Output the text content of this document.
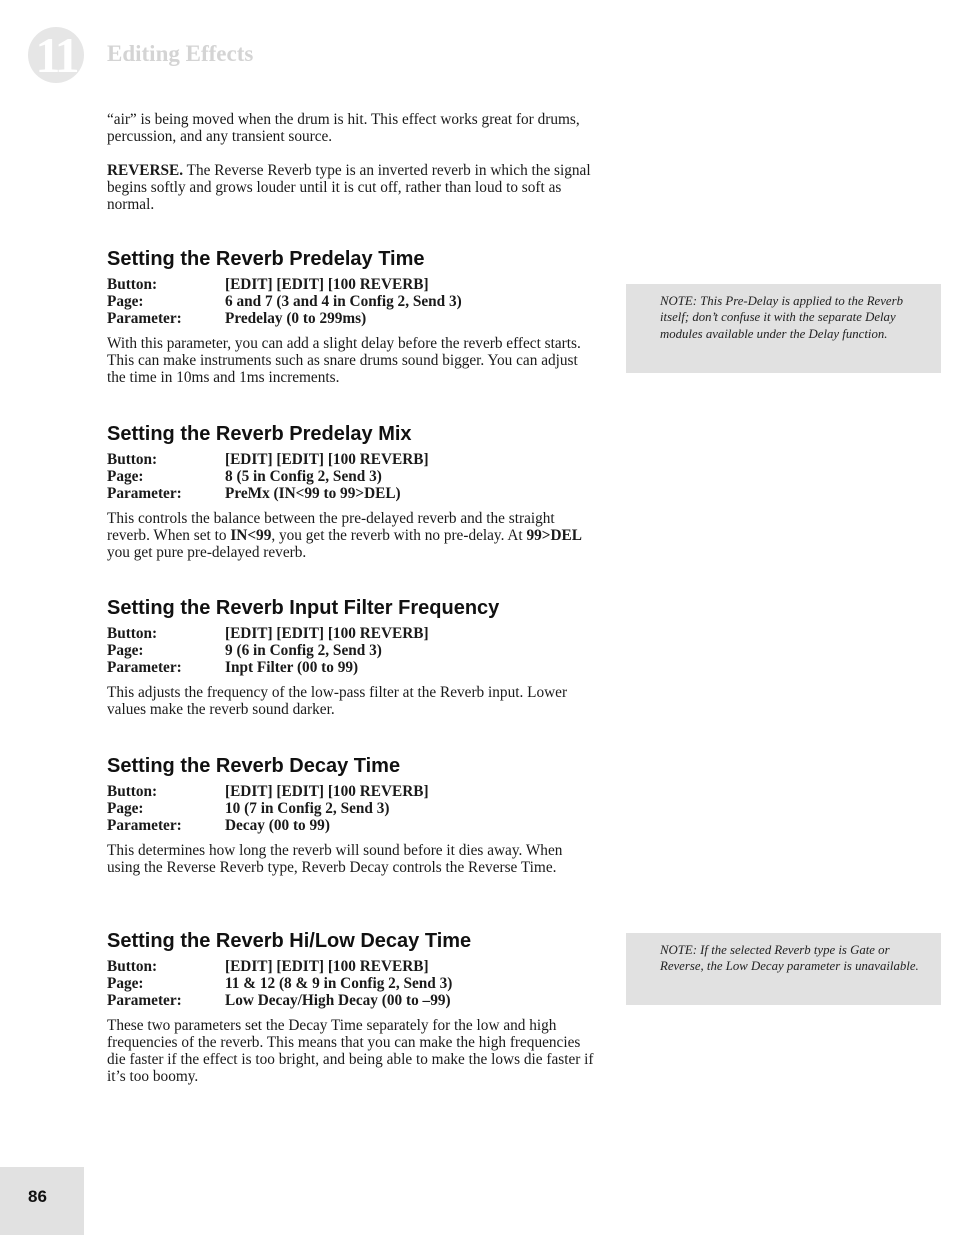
11 Editing Effects

“air” is being moved when the drum is hit. This effect works great for drums, percussion, and any transient source.

REVERSE. The Reverse Reverb type is an inverted reverb in which the signal begins softly and grows louder until it is cut off, rather than loud to soft as normal.

Setting the Reverb Predelay Time
Button:	[EDIT] [EDIT] [100 REVERB]
Page:	6 and 7 (3 and 4 in Config 2, Send 3)
Parameter:	Predelay (0 to 299ms)

With this parameter, you can add a slight delay before the reverb effect starts. This can make instruments such as snare drums sound bigger. You can adjust the time in 10ms and 1ms increments.

Setting the Reverb Predelay Mix
Button:	[EDIT] [EDIT] [100 REVERB]
Page:	8 (5 in Config 2, Send 3)
Parameter:	PreMx (IN<99 to 99>DEL)

This controls the balance between the pre-delayed reverb and the straight reverb. When set to IN<99, you get the reverb with no pre-delay. At 99>DEL you get pure pre-delayed reverb.

Setting the Reverb Input Filter Frequency
Button:	[EDIT] [EDIT] [100 REVERB]
Page:	9 (6 in Config 2, Send 3)
Parameter:	Inpt Filter (00 to 99)

This adjusts the frequency of the low-pass filter at the Reverb input. Lower values make the reverb sound darker.

Setting the Reverb Decay Time
Button:	[EDIT] [EDIT] [100 REVERB]
Page:	10 (7 in Config 2, Send 3)
Parameter:	Decay (00 to 99)

This determines how long the reverb will sound before it dies away. When using the Reverse Reverb type, Reverb Decay controls the Reverse Time.

Setting the Reverb Hi/Low Decay Time
Button:	[EDIT] [EDIT] [100 REVERB]
Page:	11 & 12 (8 & 9 in Config 2, Send 3)
Parameter:	Low Decay/High Decay (00 to –99)

These two parameters set the Decay Time separately for the low and high frequencies of the reverb. This means that you can make the high frequencies die faster if the effect is too bright, and being able to make the lows die faster if it’s too boomy.

NOTE: This Pre-Delay is applied to the Reverb itself; don’t confuse it with the separate Delay modules available under the Delay function.
NOTE: If the selected Reverb type is Gate or Reverse, the Low Decay parameter is unavailable.
86
